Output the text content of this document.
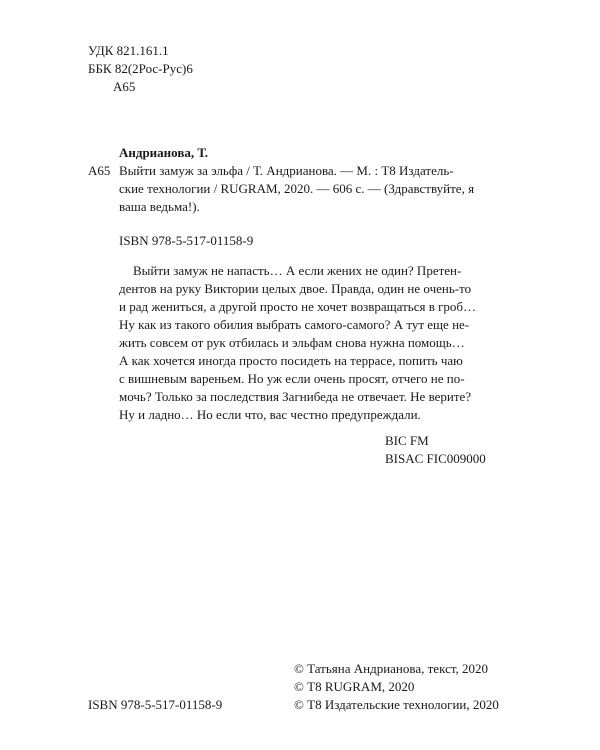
УДК 821.161.1
ББК 82(2Рос-Рус)6
А65
Андрианова, Т.
А65 Выйти замуж за эльфа / Т. Андрианова. — М. : Т8 Издатель-
ские технологии / RUGRAM, 2020. — 606 с. — (Здравствуйте, я
ваша ведьма!).
ISBN 978-5-517-01158-9
Выйти замуж не напасть… А если жених не один? Претен-
дентов на руку Виктории целых двое. Правда, один не очень-то
и рад жениться, а другой просто не хочет возвращаться в гроб…
Ну как из такого обилия выбрать самого-самого? А тут еще не-
жить совсем от рук отбилась и эльфам снова нужна помощь…
А как хочется иногда просто посидеть на террасе, попить чаю
с вишневым вареньем. Но уж если очень просят, отчего не по-
мочь? Только за последствия Загнибеда не отвечает. Не верите?
Ну и ладно… Но если что, вас честно предупреждали.
BIC FM
BISAC FIC009000
© Татьяна Андрианова, текст, 2020
© Т8 RUGRAM, 2020
© Т8 Издательские технологии, 2020
ISBN 978-5-517-01158-9
